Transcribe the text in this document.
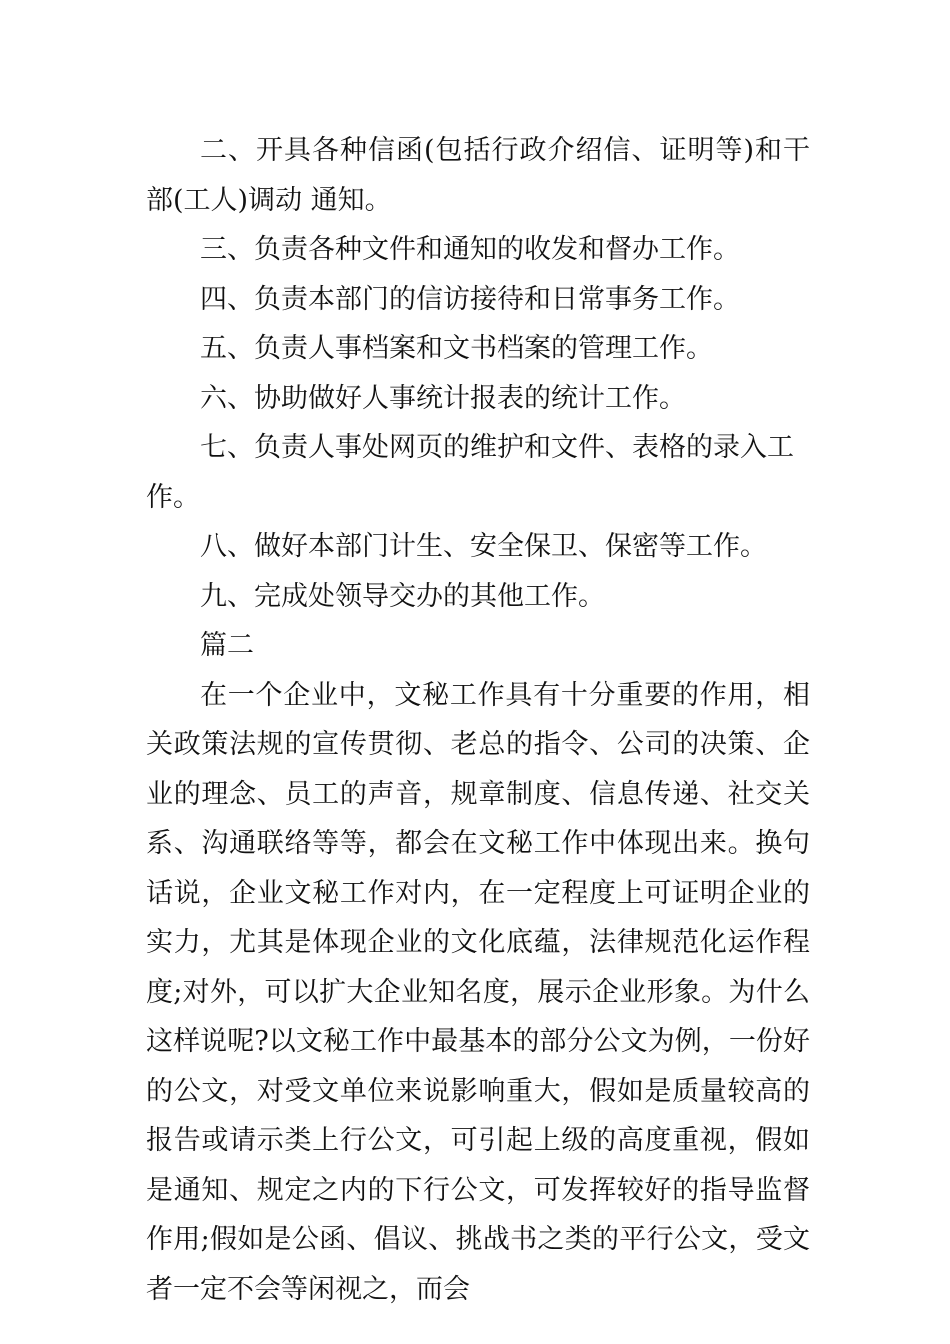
二、开具各种信函(包括行政介绍信、证明等)和干部(工人)调动 通知。

三、负责各种文件和通知的收发和督办工作。

四、负责本部门的信访接待和日常事务工作。

五、负责人事档案和文书档案的管理工作。

六、协助做好人事统计报表的统计工作。

七、负责人事处网页的维护和文件、表格的录入工作。

八、做好本部门计生、安全保卫、保密等工作。

九、完成处领导交办的其他工作。

篇二

在一个企业中，文秘工作具有十分重要的作用，相关政策法规的宣传贯彻、老总的指令、公司的决策、企业的理念、员工的声音，规章制度、信息传递、社交关系、沟通联络等等，都会在文秘工作中体现出来。换句话说，企业文秘工作对内，在一定程度上可证明企业的实力，尤其是体现企业的文化底蕴，法律规范化运作程度;对外，可以扩大企业知名度，展示企业形象。为什么这样说呢?以文秘工作中最基本的部分公文为例，一份好的公文，对受文单位来说影响重大，假如是质量较高的报告或请示类上行公文，可引起上级的高度重视，假如是通知、规定之内的下行公文，可发挥较好的指导监督作用;假如是公函、倡议、挑战书之类的平行公文，受文者一定不会等闲视之，而会
